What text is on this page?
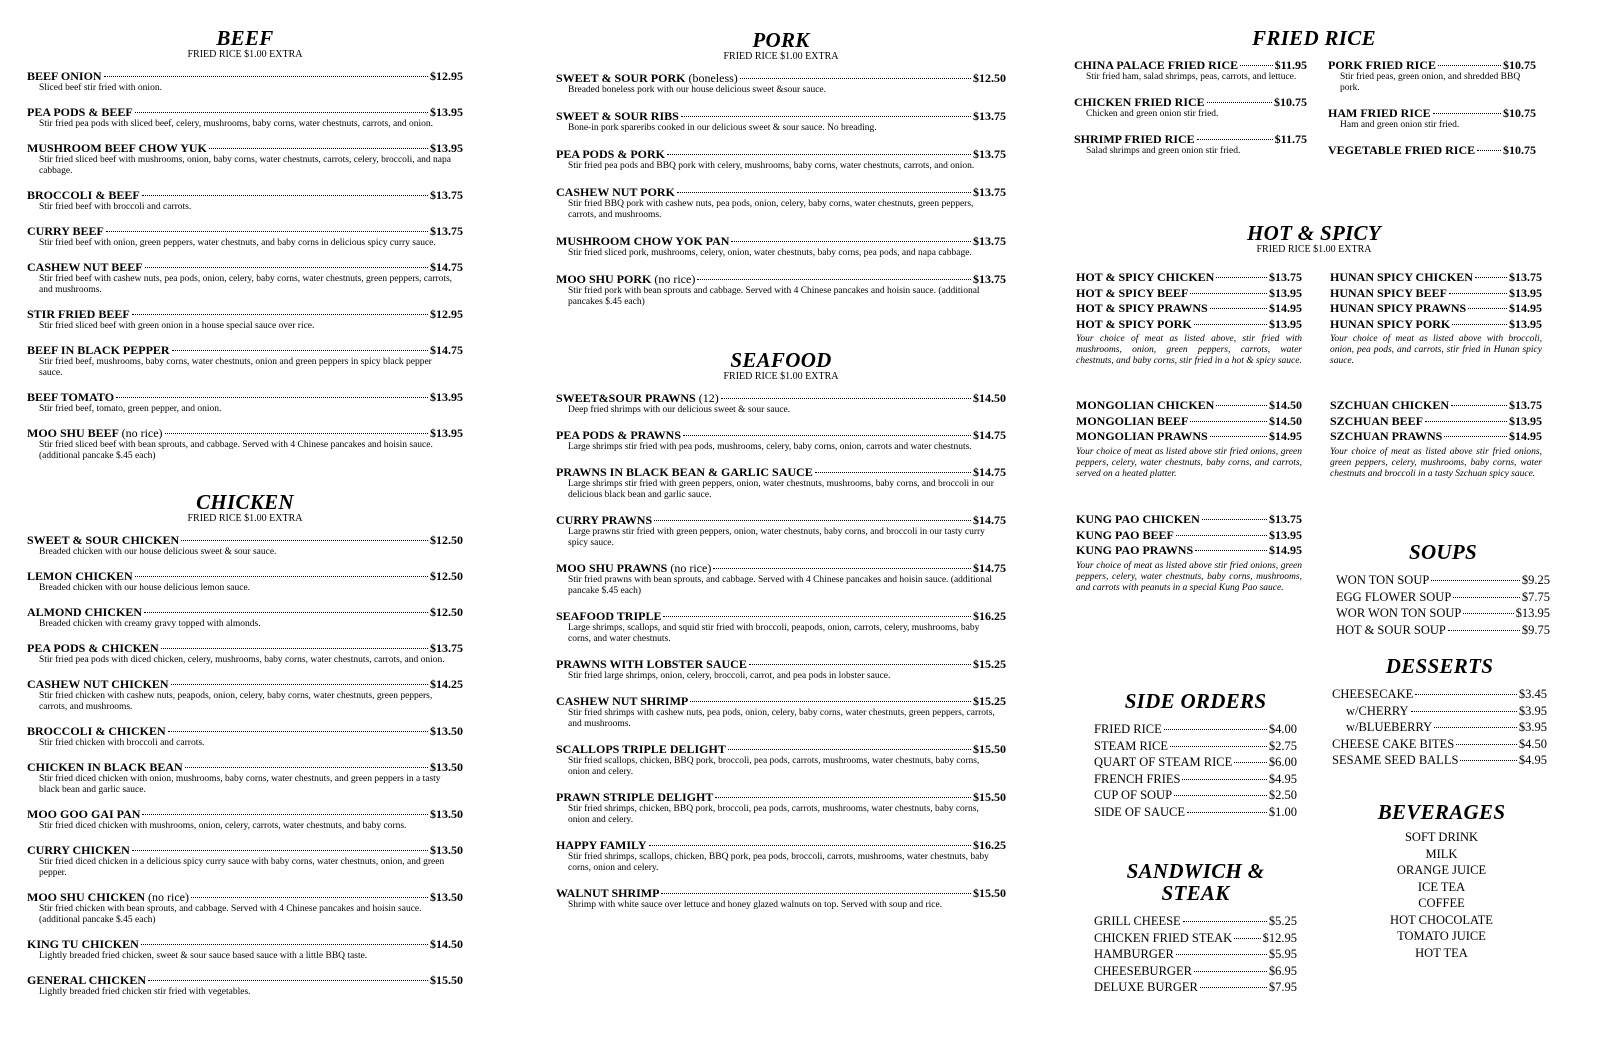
BEEF
FRIED RICE $1.00 EXTRA
BEEF ONION	$12.95
Sliced beef stir fried with onion.
PEA PODS & BEEF	$13.95
Stir fried pea pods with sliced beef, celery, mushrooms, baby corns, water chestnuts, carrots, and onion.
MUSHROOM BEEF CHOW YUK	$13.95
Stir fried sliced beef with mushrooms, onion, baby corns, water chestnuts, carrots, celery, broccoli, and napa cabbage.
BROCCOLI & BEEF	$13.75
Stir fried beef with broccoli and carrots.
CURRY BEEF	$13.75
Stir fried beef with onion, green peppers, water chestnuts, and baby corns in delicious spicy curry sauce.
CASHEW NUT BEEF	$14.75
Stir fried beef with cashew nuts, pea pods, onion, celery, baby corns, water chestnuts, green peppers, carrots, and mushrooms.
STIR FRIED BEEF	$12.95
Stir fried sliced beef with green onion in a house special sauce over rice.
BEEF IN BLACK PEPPER	$14.75
Stir fried beef, mushrooms, baby corns, water chestnuts, onion and green peppers in spicy black pepper sauce.
BEEF TOMATO	$13.95
Stir fried beef, tomato, green pepper, and onion.
MOO SHU BEEF (no rice)	$13.95
Stir fried sliced beef with bean sprouts, and cabbage. Served with 4 Chinese pancakes and hoisin sauce. (additional pancake $.45 each)
CHICKEN
FRIED RICE $1.00 EXTRA
SWEET & SOUR CHICKEN	$12.50
Breaded chicken with our house delicious sweet & sour sauce.
LEMON CHICKEN	$12.50
Breaded chicken with our house delicious lemon sauce.
ALMOND CHICKEN	$12.50
Breaded chicken with creamy gravy topped with almonds.
PEA PODS & CHICKEN	$13.75
Stir fried pea pods with diced chicken, celery, mushrooms, baby corns, water chestnuts, carrots, and onion.
CASHEW NUT CHICKEN	$14.25
Stir fried chicken with cashew nuts, peapods, onion, celery, baby corns, water chestnuts, green peppers, carrots, and mushrooms.
BROCCOLI & CHICKEN	$13.50
Stir fried chicken with broccoli and carrots.
CHICKEN IN BLACK BEAN	$13.50
Stir fried diced chicken with onion, mushrooms, baby corns, water chestnuts, and green peppers in a tasty black bean and garlic sauce.
MOO GOO GAI PAN	$13.50
Stir fried diced chicken with mushrooms, onion, celery, carrots, water chestnuts, and baby corns.
CURRY CHICKEN	$13.50
Stir fried diced chicken in a delicious spicy curry sauce with baby corns, water chestnuts, onion, and green pepper.
MOO SHU CHICKEN (no rice)	$13.50
Stir fried chicken with bean sprouts, and cabbage. Served with 4 Chinese pancakes and hoisin sauce. (additional pancake $.45 each)
KING TU CHICKEN	$14.50
Lightly breaded fried chicken, sweet & sour sauce based sauce with a little BBQ taste.
GENERAL CHICKEN	$15.50
Lightly breaded fried chicken stir fried with vegetables.
PORK
FRIED RICE $1.00 EXTRA
SWEET & SOUR PORK (boneless)	$12.50
Breaded boneless pork with our house delicious sweet &sour sauce.
SWEET & SOUR RIBS	$13.75
Bone-in pork spareribs cooked in our delicious sweet & sour sauce. No breading.
PEA PODS & PORK	$13.75
Stir fried pea pods and BBQ pork with celery, mushrooms, baby corns, water chestnuts, carrots, and onion.
CASHEW NUT PORK	$13.75
Stir fried BBQ pork with cashew nuts, pea pods, onion, celery, baby corns, water chestnuts, green peppers, carrots, and mushrooms.
MUSHROOM CHOW YOK PAN	$13.75
Stir fried sliced pork, mushrooms, celery, onion, water chestnuts, baby corns, pea pods, and napa cabbage.
MOO SHU PORK (no rice)	$13.75
Stir fried pork with bean sprouts and cabbage. Served with 4 Chinese pancakes and hoisin sauce. (additional pancakes $.45 each)
SEAFOOD
FRIED RICE $1.00 EXTRA
SWEET&SOUR PRAWNS (12)	$14.50
Deep fried shrimps with our delicious sweet & sour sauce.
PEA PODS & PRAWNS	$14.75
Large shrimps stir fried with pea pods, mushrooms, celery, baby corns, onion, carrots and water chestnuts.
PRAWNS IN BLACK BEAN & GARLIC SAUCE	$14.75
Large shrimps stir fried with green peppers, onion, water chestnuts, mushrooms, baby corns, and broccoli in our delicious black bean and garlic sauce.
CURRY PRAWNS	$14.75
Large prawns stir fried with green peppers, onion, water chestnuts, baby corns, and broccoli in our tasty curry spicy sauce.
MOO SHU PRAWNS (no rice)	$14.75
Stir fried prawns with bean sprouts, and cabbage. Served with 4 Chinese pancakes and hoisin sauce. (additional pancake $.45 each)
SEAFOOD TRIPLE	$16.25
Large shrimps, scallops, and squid stir fried with broccoli, peapods, onion, carrots, celery, mushrooms, baby corns, and water chestnuts.
PRAWNS WITH LOBSTER SAUCE	$15.25
Stir fried large shrimps, onion, celery, broccoli, carrot, and pea pods in lobster sauce.
CASHEW NUT SHRIMP	$15.25
Stir fried shrimps with cashew nuts, pea pods, onion, celery, baby corns, water chestnuts, green peppers, carrots, and mushrooms.
SCALLOPS TRIPLE DELIGHT	$15.50
Stir fried scallops, chicken, BBQ pork, broccoli, pea pods, carrots, mushrooms, water chestnuts, baby corns, onion and celery.
PRAWN STRIPLE DELIGHT	$15.50
Stir fried shrimps, chicken, BBQ pork, broccoli, pea pods, carrots, mushrooms, water chestnuts, baby corns, onion and celery.
HAPPY FAMILY	$16.25
Stir fried shrimps, scallops, chicken, BBQ pork, pea pods, broccoli, carrots, mushrooms, water chestnuts, baby corns, onion and celery.
WALNUT SHRIMP	$15.50
Shrimp with white sauce over lettuce and honey glazed walnuts on top. Served with soup and rice.
FRIED RICE
CHINA PALACE FRIED RICE	$11.95
Stir fried ham, salad shrimps, peas, carrots, and lettuce.
CHICKEN FRIED RICE	$10.75
Chicken and green onion stir fried.
SHRIMP FRIED RICE	$11.75
Salad shrimps and green onion stir fried.
PORK FRIED RICE	$10.75
Stir fried peas, green onion, and shredded BBQ pork.
HAM FRIED RICE	$10.75
Ham and green onion stir fried.
VEGETABLE FRIED RICE $10.75
HOT & SPICY
FRIED RICE $1.00 EXTRA
HOT & SPICY CHICKEN	$13.75
HOT & SPICY BEEF	$13.95
HOT & SPICY PRAWNS	$14.95
HOT & SPICY PORK	$13.95
Your choice of meat as listed above, stir fried with mushrooms, onion, green peppers, carrots, water chestnuts, and baby corns, stir fried in a hot & spicy sauce.
HUNAN SPICY CHICKEN	$13.75
HUNAN SPICY BEEF	$13.95
HUNAN SPICY PRAWNS	$14.95
HUNAN SPICY PORK	$13.95
Your choice of meat as listed above with broccoli, onion, pea pods, and carrots, stir fried in Hunan spicy sauce.
MONGOLIAN CHICKEN	$14.50
MONGOLIAN BEEF	$14.50
MONGOLIAN PRAWNS	$14.95
Your choice of meat as listed above stir fried onions, green peppers, celery, water chestnuts, baby corns, and carrots, served on a heated platter.
SZCHUAN CHICKEN	$13.75
SZCHUAN BEEF	$13.95
SZCHUAN PRAWNS	$14.95
Your choice of meat as listed above stir fried onions, green peppers, celery, mushrooms, baby corns, water chestnuts and broccoli in a tasty Szchuan spicy sauce.
KUNG PAO CHICKEN	$13.75
KUNG PAO BEEF	$13.95
KUNG PAO PRAWNS	$14.95
Your choice of meat as listed above stir fried onions, green peppers, celery, water chestnuts, baby corns, mushrooms, and carrots with peanuts in a special Kung Pao sauce.
SOUPS
WON TON SOUP	$9.25
EGG FLOWER SOUP	$7.75
WOR WON TON SOUP	$13.95
HOT & SOUR SOUP	$9.75
SIDE ORDERS
FRIED RICE	$4.00
STEAM RICE	$2.75
QUART OF STEAM RICE	$6.00
FRENCH FRIES	$4.95
CUP OF SOUP	$2.50
SIDE OF SAUCE	$1.00
DESSERTS
CHEESECAKE	$3.45
w/CHERRY	$3.95
w/BLUEBERRY	$3.95
CHEESE CAKE BITES	$4.50
SESAME SEED BALLS	$4.95
SANDWICH & STEAK
GRILL CHEESE	$5.25
CHICKEN FRIED STEAK $12.95
HAMBURGER	$5.95
CHEESEBURGER	$6.95
DELUXE BURGER	$7.95
BEVERAGES
SOFT DRINK
MILK
ORANGE JUICE
ICE TEA
COFFEE
HOT CHOCOLATE
TOMATO JUICE
HOT TEA
